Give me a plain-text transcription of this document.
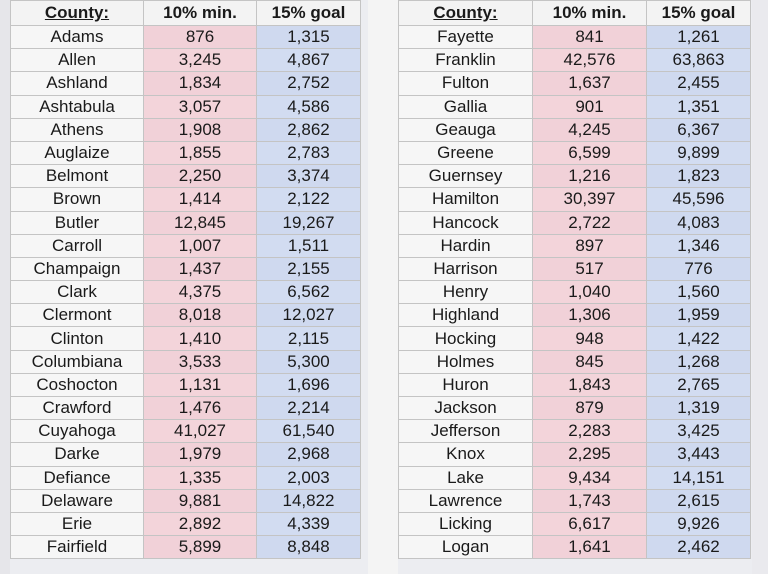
County:	10% min.	15% goal
Adams	876	1,315
Allen	3,245	4,867
Ashland	1,834	2,752
Ashtabula	3,057	4,586
Athens	1,908	2,862
Auglaize	1,855	2,783
Belmont	2,250	3,374
Brown	1,414	2,122
Butler	12,845	19,267
Carroll	1,007	1,511
Champaign	1,437	2,155
Clark	4,375	6,562
Clermont	8,018	12,027
Clinton	1,410	2,115
Columbiana	3,533	5,300
Coshocton	1,131	1,696
Crawford	1,476	2,214
Cuyahoga	41,027	61,540
Darke	1,979	2,968
Defiance	1,335	2,003
Delaware	9,881	14,822
Erie	2,892	4,339
Fairfield	5,899	8,848
County:	10% min.	15% goal
Fayette	841	1,261
Franklin	42,576	63,863
Fulton	1,637	2,455
Gallia	901	1,351
Geauga	4,245	6,367
Greene	6,599	9,899
Guernsey	1,216	1,823
Hamilton	30,397	45,596
Hancock	2,722	4,083
Hardin	897	1,346
Harrison	517	776
Henry	1,040	1,560
Highland	1,306	1,959
Hocking	948	1,422
Holmes	845	1,268
Huron	1,843	2,765
Jackson	879	1,319
Jefferson	2,283	3,425
Knox	2,295	3,443
Lake	9,434	14,151
Lawrence	1,743	2,615
Licking	6,617	9,926
Logan	1,641	2,462
